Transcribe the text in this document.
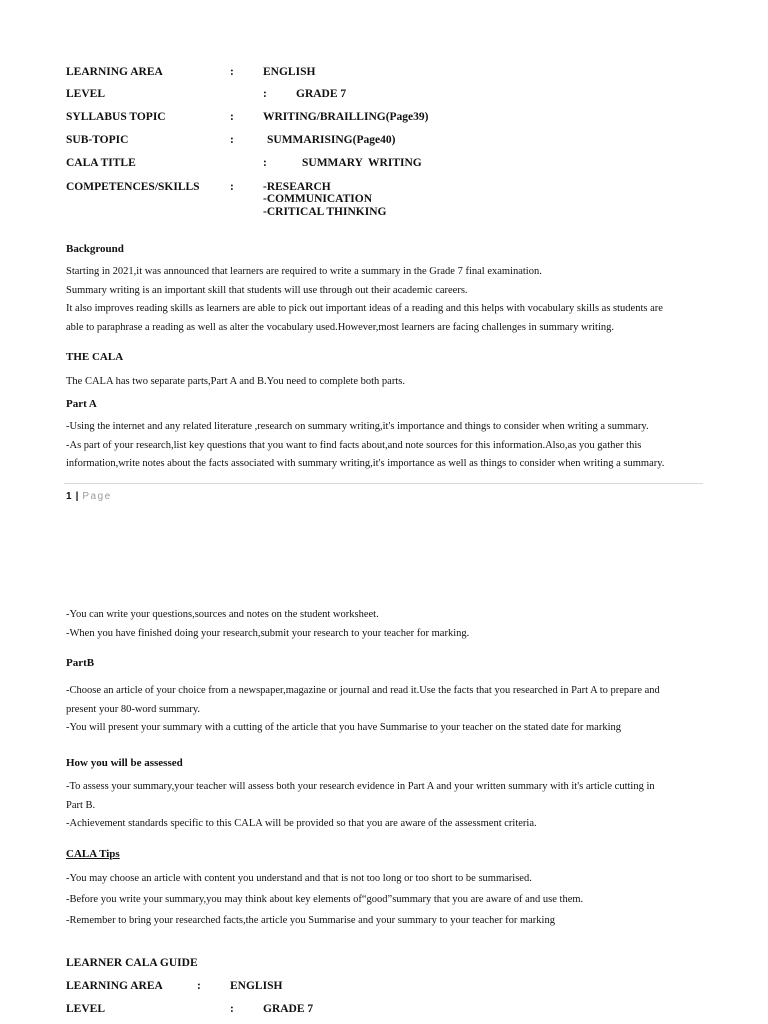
LEARNING AREA	:	ENGLISH
LEVEL	:	GRADE 7
SYLLABUS TOPIC	:	WRITING/BRAILLING(Page39)
SUB-TOPIC	:	SUMMARISING(Page40)
CALA TITLE	:	SUMMARY  WRITING
COMPETENCES/SKILLS	:	-RESEARCH
-COMMUNICATION
-CRITICAL THINKING
Background

Starting in 2021,it was announced that learners are required to write a summary in the Grade 7 final examination.

Summary writing is an important skill that students will use through out their academic careers.

It also improves reading skills as learners are able to pick out important ideas of a reading and this helps with vocabulary skills as students are

able to paraphrase a reading as well as alter the vocabulary used.However,most learners are facing challenges in summary writing.

THE CALA
The CALA has two separate parts,Part A and B.You need to complete both parts.
Part A

-Using the internet and any related literature ,research on summary writing,it's importance and things to consider when writing a summary.

-As part of your research,list key questions that you want to find facts about,and note sources for this information.Also,as you gather this

information,write notes about the facts associated with summary writing,it's importance as well as things to consider when writing a summary.

1 | Page

-You can write your questions,sources and notes on the student worksheet.

-When you have finished doing your research,submit your research to your teacher for marking.

PartB

-Choose an article of your choice from a newspaper,magazine or journal and read it.Use the facts that you researched in Part A to prepare and

present your 80-word summary.

-You will present your summary with a cutting of the article that you have Summarise to your teacher on the stated date for marking

How you will be assessed

-To assess your summary,your teacher will assess both your research evidence in Part A and your written summary with it's article cutting in

Part B.

-Achievement standards specific to this CALA will be provided so that you are aware of the assessment criteria.

CALA Tips

-You may choose an article with content you understand and that is not too long or too short to be summarised.

-Before you write your summary,you may think about key elements of“good”summary that you are aware of and use them.

-Remember to bring your researched facts,the article you Summarise and your summary to your teacher for marking

LEARNER CALA GUIDE
LEARNING AREA	:	ENGLISH
LEVEL	:	GRADE 7
